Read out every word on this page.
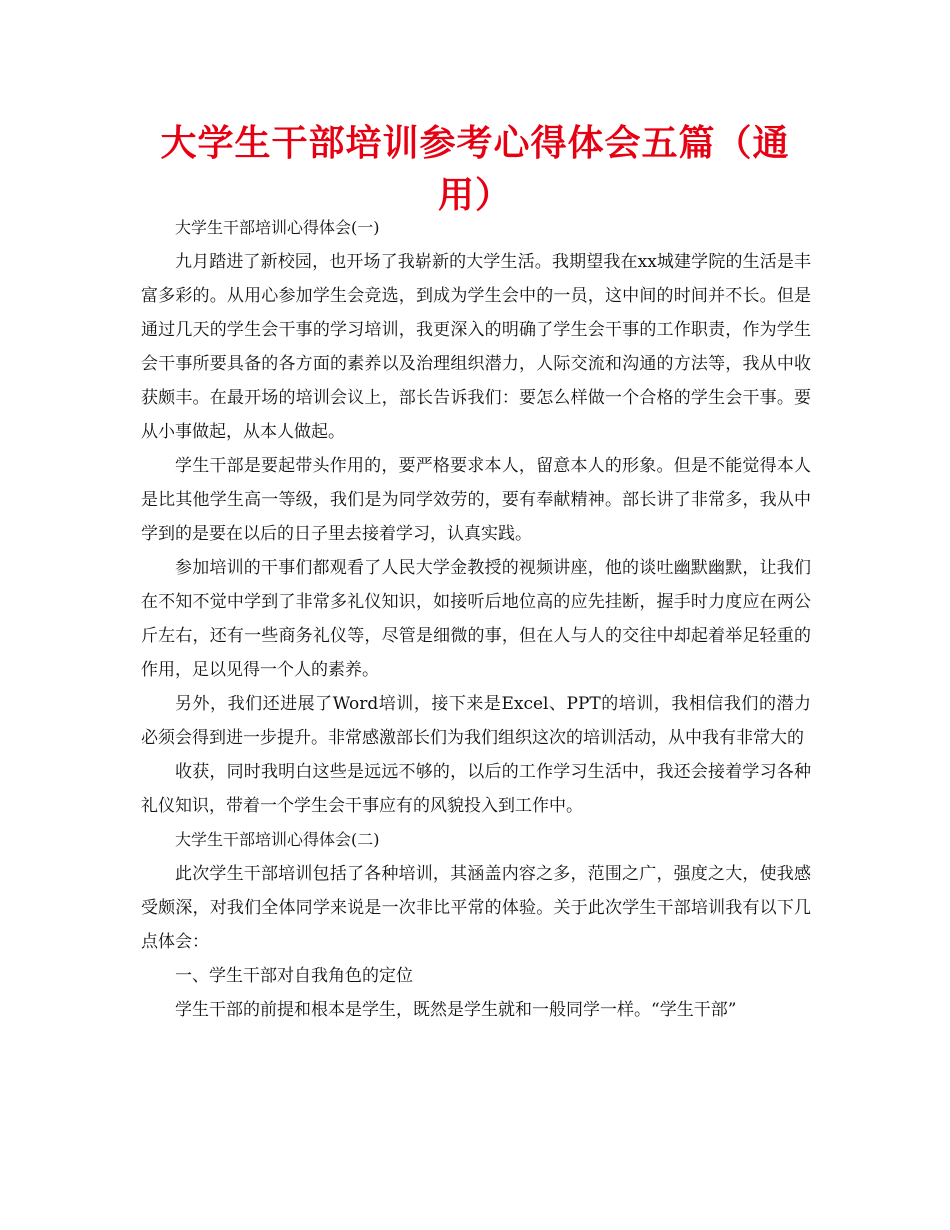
大学生干部培训参考心得体会五篇（通用）

大学生干部培训心得体会(一)

九月踏进了新校园，也开场了我崭新的大学生活。我期望我在xx城建学院的生活是丰富多彩的。从用心参加学生会竞选，到成为学生会中的一员，这中间的时间并不长。但是通过几天的学生会干事的学习培训，我更深入的明确了学生会干事的工作职责，作为学生会干事所要具备的各方面的素养以及治理组织潜力，人际交流和沟通的方法等，我从中收获颇丰。在最开场的培训会议上，部长告诉我们：要怎么样做一个合格的学生会干事。要从小事做起，从本人做起。

学生干部是要起带头作用的，要严格要求本人，留意本人的形象。但是不能觉得本人是比其他学生高一等级，我们是为同学效劳的，要有奉献精神。部长讲了非常多，我从中学到的是要在以后的日子里去接着学习，认真实践。

参加培训的干事们都观看了人民大学金教授的视频讲座，他的谈吐幽默幽默，让我们在不知不觉中学到了非常多礼仪知识，如接听后地位高的应先挂断，握手时力度应在两公斤左右，还有一些商务礼仪等，尽管是细微的事，但在人与人的交往中却起着举足轻重的作用，足以见得一个人的素养。

另外，我们还进展了Word培训，接下来是Excel、PPT的培训，我相信我们的潜力必须会得到进一步提升。非常感激部长们为我们组织这次的培训活动，从中我有非常大的

收获，同时我明白这些是远远不够的，以后的工作学习生活中，我还会接着学习各种礼仪知识，带着一个学生会干事应有的风貌投入到工作中。

大学生干部培训心得体会(二)

此次学生干部培训包括了各种培训，其涵盖内容之多，范围之广，强度之大，使我感受颇深，对我们全体同学来说是一次非比平常的体验。关于此次学生干部培训我有以下几点体会：

一、学生干部对自我角色的定位

学生干部的前提和根本是学生，既然是学生就和一般同学一样。“学生干部”
